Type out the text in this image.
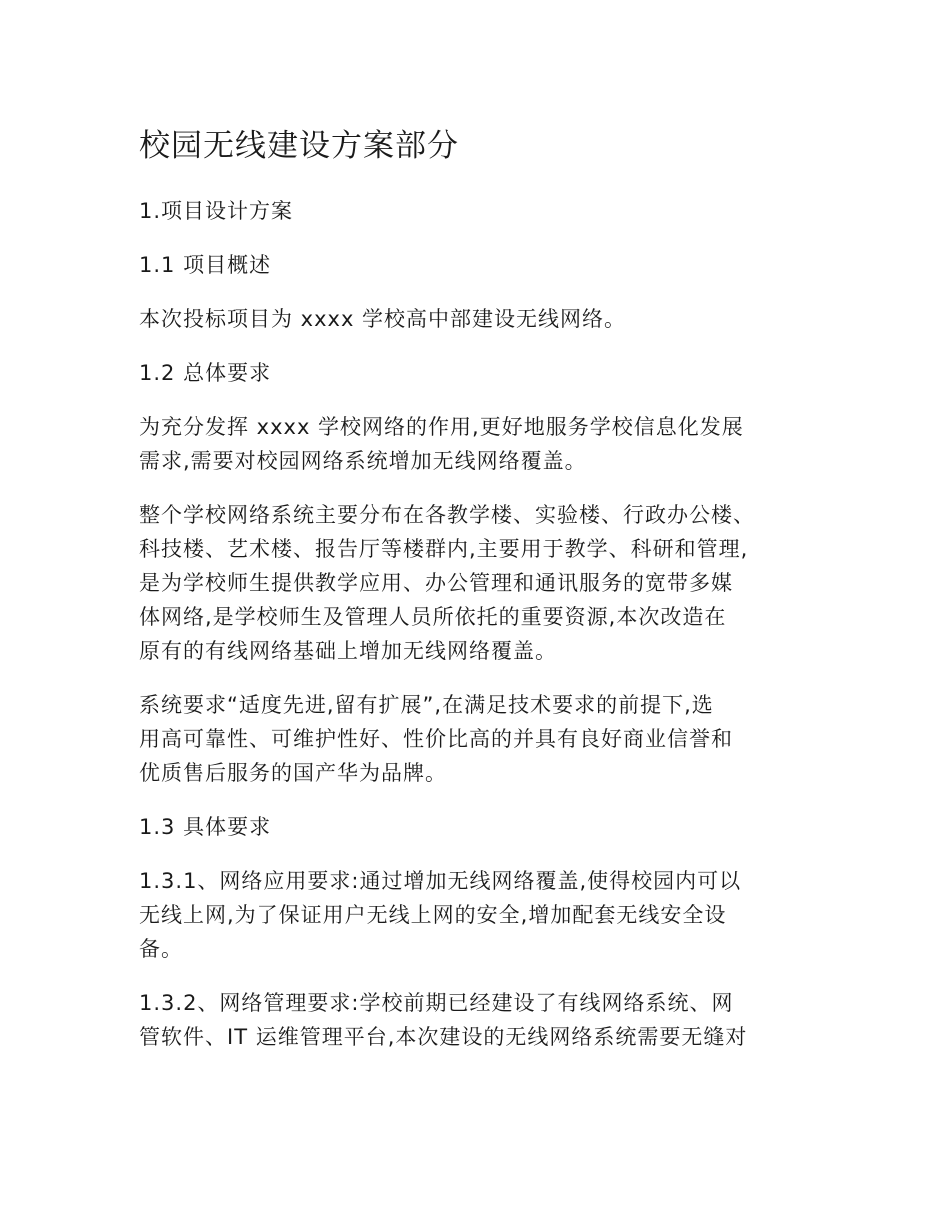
校园无线建设方案部分
1.项目设计方案
1.1 项目概述
本次投标项目为 xxxx 学校高中部建设无线网络。
1.2 总体要求
为充分发挥 xxxx 学校网络的作用,更好地服务学校信息化发展
需求,需要对校园网络系统增加无线网络覆盖。
整个学校网络系统主要分布在各教学楼、实验楼、行政办公楼、
科技楼、艺术楼、报告厅等楼群内,主要用于教学、科研和管理,
是为学校师生提供教学应用、办公管理和通讯服务的宽带多媒
体网络,是学校师生及管理人员所依托的重要资源,本次改造在
原有的有线网络基础上增加无线网络覆盖。
系统要求“适度先进,留有扩展”,在满足技术要求的前提下,选
用高可靠性、可维护性好、性价比高的并具有良好商业信誉和
优质售后服务的国产华为品牌。
1.3 具体要求
1.3.1、网络应用要求:通过增加无线网络覆盖,使得校园内可以
无线上网,为了保证用户无线上网的安全,增加配套无线安全设
备。
1.3.2、网络管理要求:学校前期已经建设了有线网络系统、网
管软件、IT 运维管理平台,本次建设的无线网络系统需要无缝对
